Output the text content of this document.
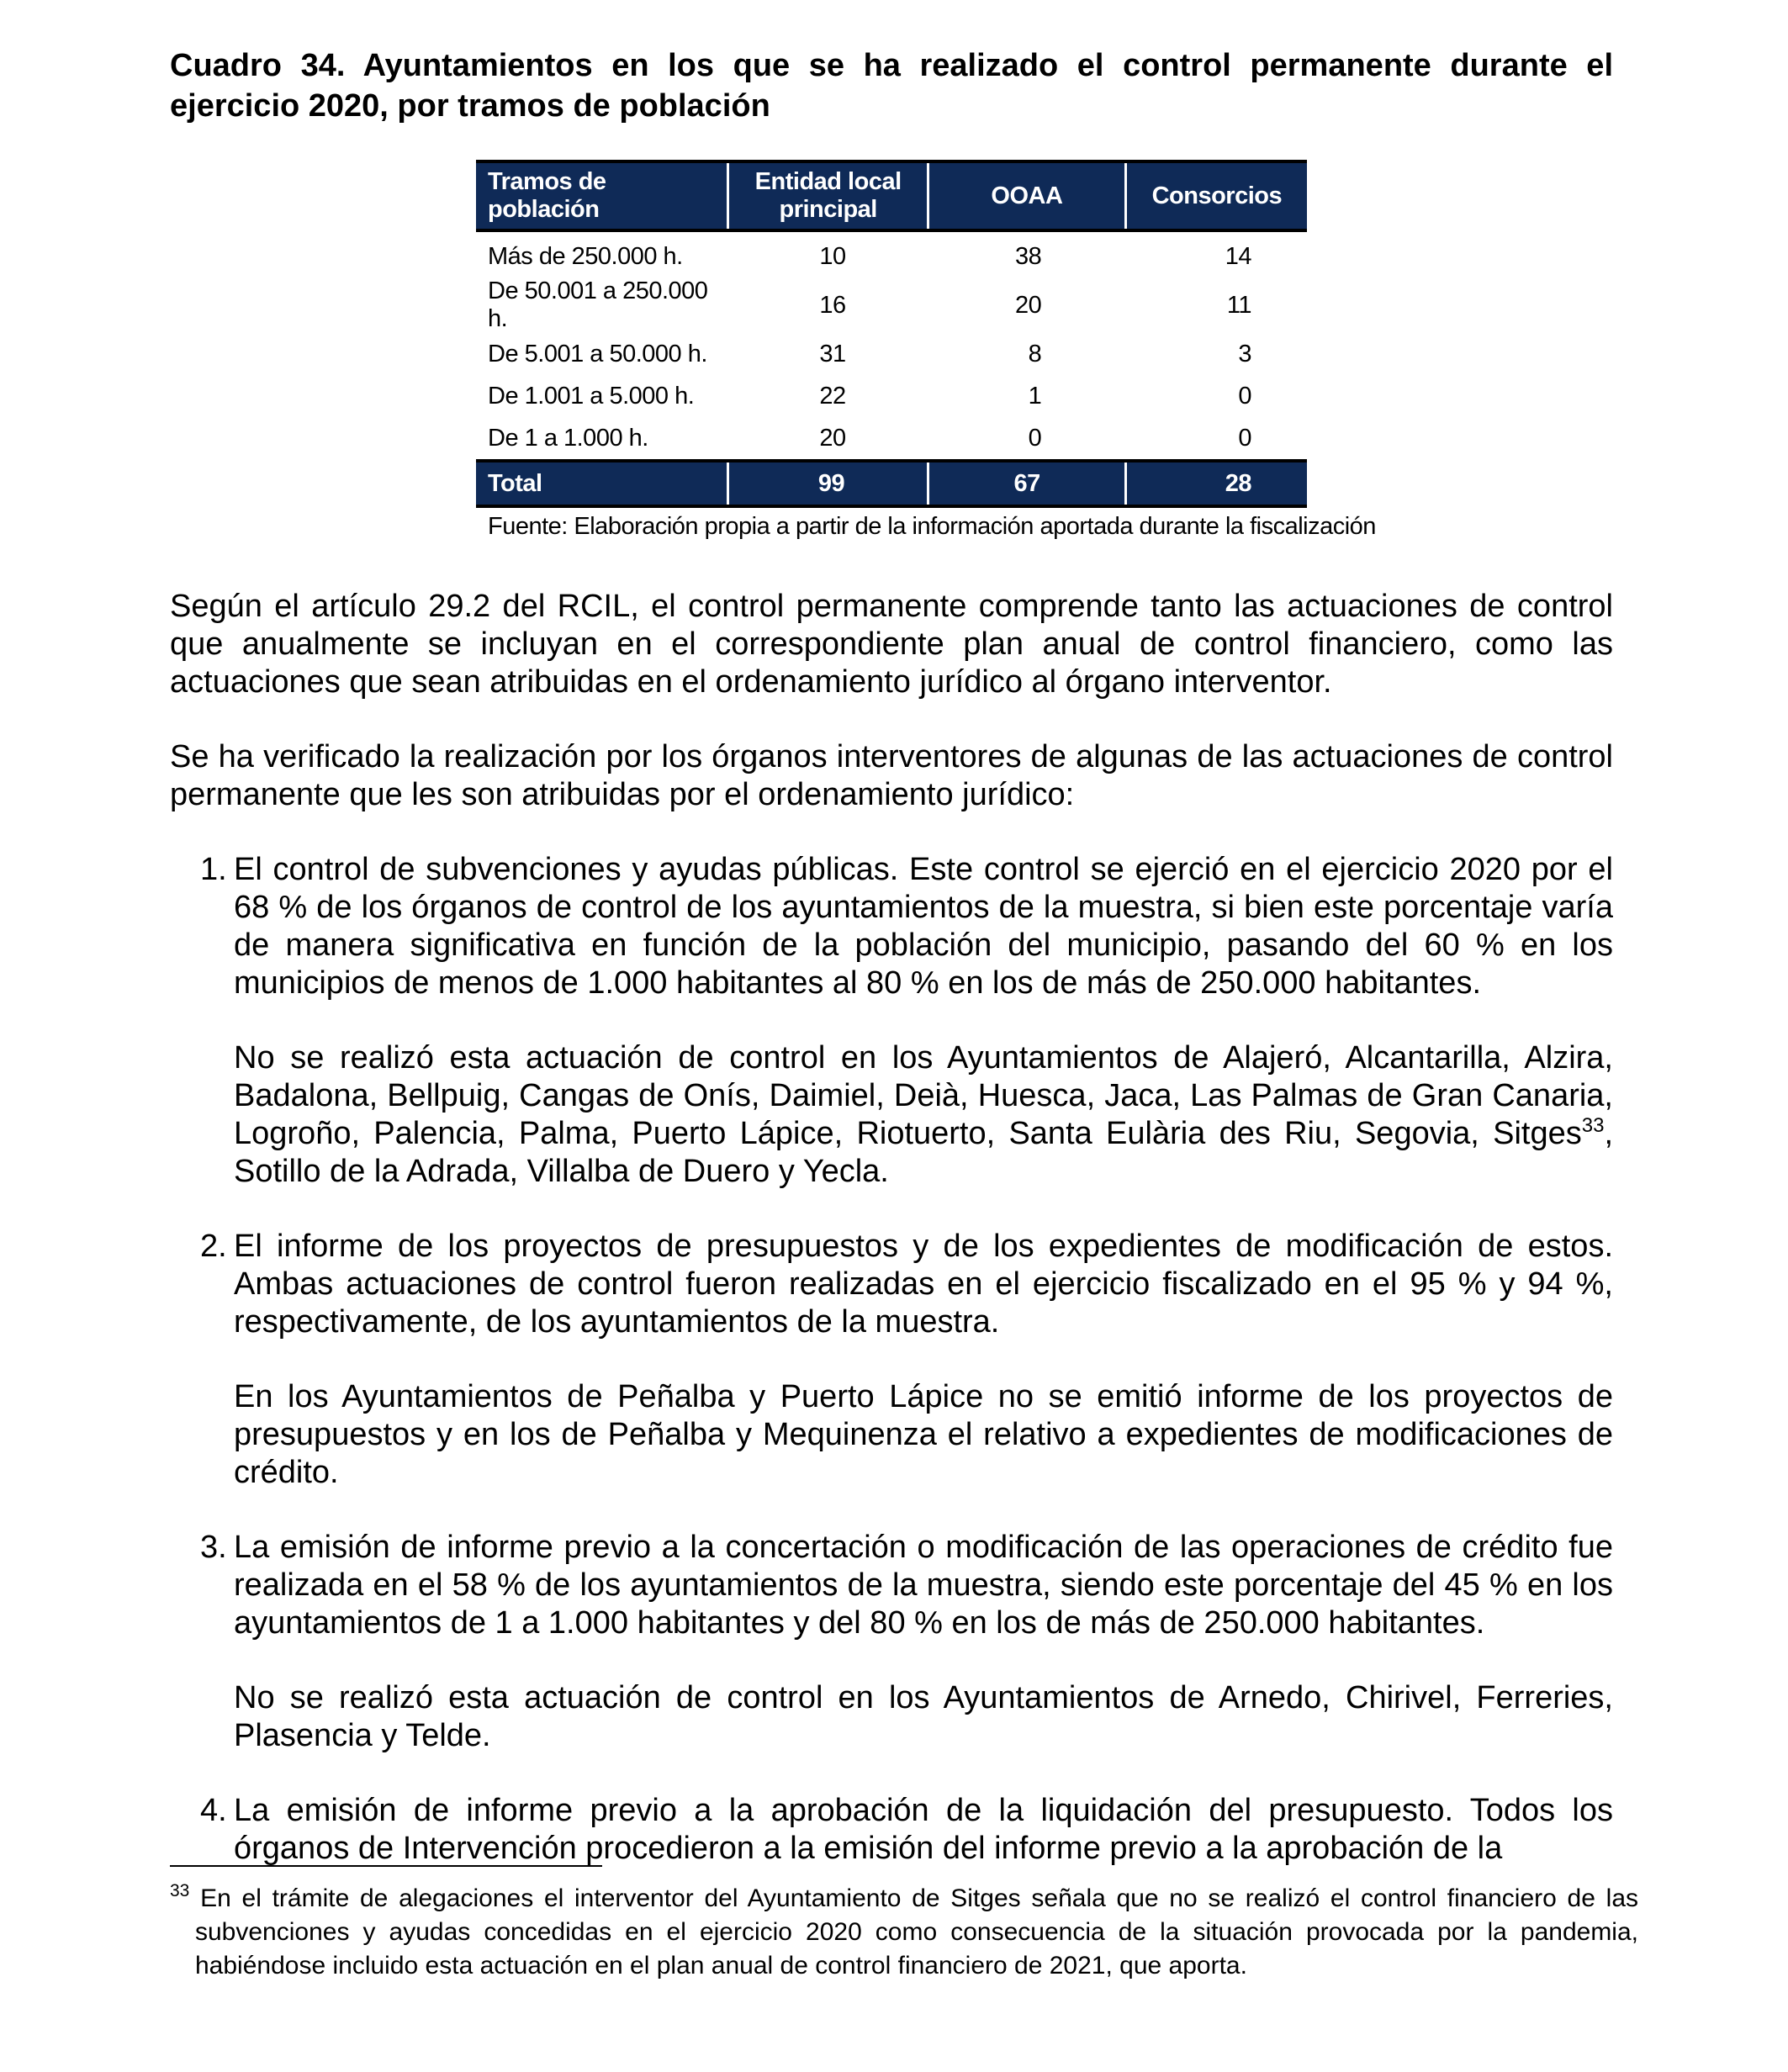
Cuadro 34. Ayuntamientos en los que se ha realizado el control permanente durante el ejercicio 2020, por tramos de población

Tramos de población	Entidad local principal	OOAA	Consorcios
Más de 250.000 h.	10	38	14
De 50.001 a 250.000 h.	16	20	11
De 5.001 a 50.000 h.	31	8	3
De 1.001 a 5.000 h.	22	1	0
De 1 a 1.000 h.	20	0	0
Total	99	67	28
Fuente: Elaboración propia a partir de la información aportada durante la fiscalización

Según el artículo 29.2 del RCIL, el control permanente comprende tanto las actuaciones de control que anualmente se incluyan en el correspondiente plan anual de control financiero, como las actuaciones que sean atribuidas en el ordenamiento jurídico al órgano interventor.

Se ha verificado la realización por los órganos interventores de algunas de las actuaciones de control permanente que les son atribuidas por el ordenamiento jurídico:

1. El control de subvenciones y ayudas públicas. Este control se ejerció en el ejercicio 2020 por el 68 % de los órganos de control de los ayuntamientos de la muestra, si bien este porcentaje varía de manera significativa en función de la población del municipio, pasando del 60 % en los municipios de menos de 1.000 habitantes al 80 % en los de más de 250.000 habitantes.

No se realizó esta actuación de control en los Ayuntamientos de Alajeró, Alcantarilla, Alzira, Badalona, Bellpuig, Cangas de Onís, Daimiel, Deià, Huesca, Jaca, Las Palmas de Gran Canaria, Logroño, Palencia, Palma, Puerto Lápice, Riotuerto, Santa Eulària des Riu, Segovia, Sitges$^{33}$, Sotillo de la Adrada, Villalba de Duero y Yecla.

2. El informe de los proyectos de presupuestos y de los expedientes de modificación de estos. Ambas actuaciones de control fueron realizadas en el ejercicio fiscalizado en el 95 % y 94 %, respectivamente, de los ayuntamientos de la muestra.

En los Ayuntamientos de Peñalba y Puerto Lápice no se emitió informe de los proyectos de presupuestos y en los de Peñalba y Mequinenza el relativo a expedientes de modificaciones de crédito.

3. La emisión de informe previo a la concertación o modificación de las operaciones de crédito fue realizada en el 58 % de los ayuntamientos de la muestra, siendo este porcentaje del 45 % en los ayuntamientos de 1 a 1.000 habitantes y del 80 % en los de más de 250.000 habitantes.

No se realizó esta actuación de control en los Ayuntamientos de Arnedo, Chirivel, Ferreries, Plasencia y Telde.

4. La emisión de informe previo a la aprobación de la liquidación del presupuesto. Todos los órganos de Intervención procedieron a la emisión del informe previo a la aprobación de la

$^{33}$ En el trámite de alegaciones el interventor del Ayuntamiento de Sitges señala que no se realizó el control financiero de las subvenciones y ayudas concedidas en el ejercicio 2020 como consecuencia de la situación provocada por la pandemia, habiéndose incluido esta actuación en el plan anual de control financiero de 2021, que aporta.
